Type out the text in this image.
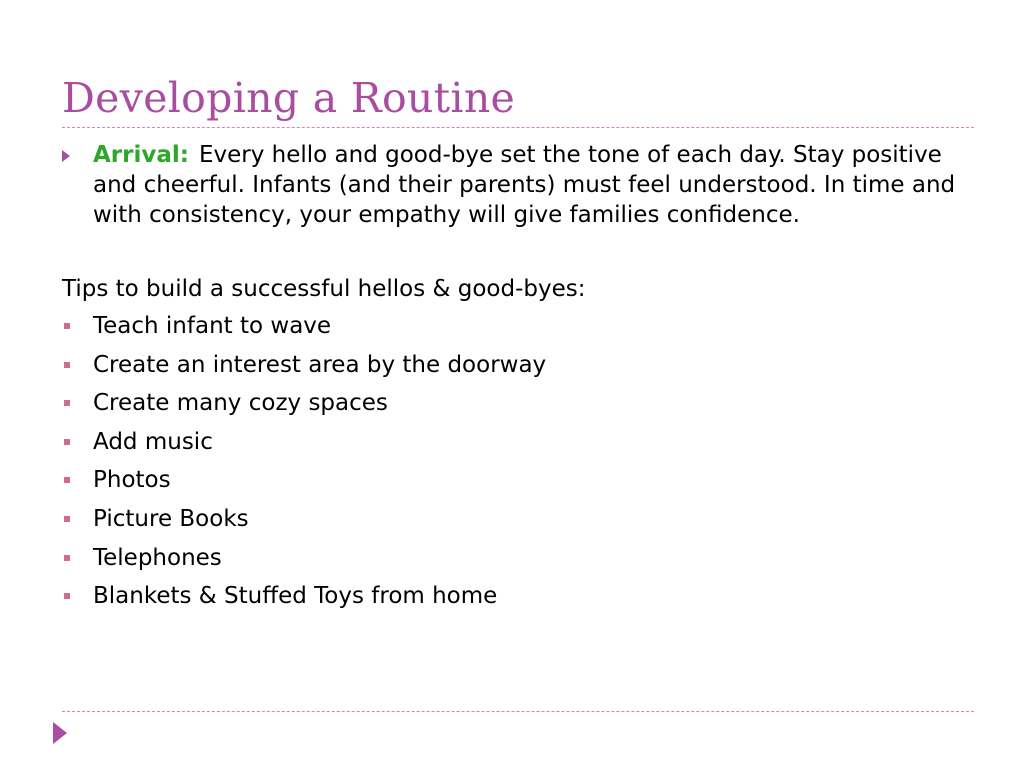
Developing a Routine

Arrival: Every hello and good-bye set the tone of each day. Stay positive and cheerful. Infants (and their parents) must feel understood. In time and with consistency, your empathy will give families confidence.

Tips to build a successful hellos & good-byes:

Teach infant to wave
Create an interest area by the doorway
Create many cozy spaces
Add music
Photos
Picture Books
Telephones
Blankets & Stuffed Toys from home
